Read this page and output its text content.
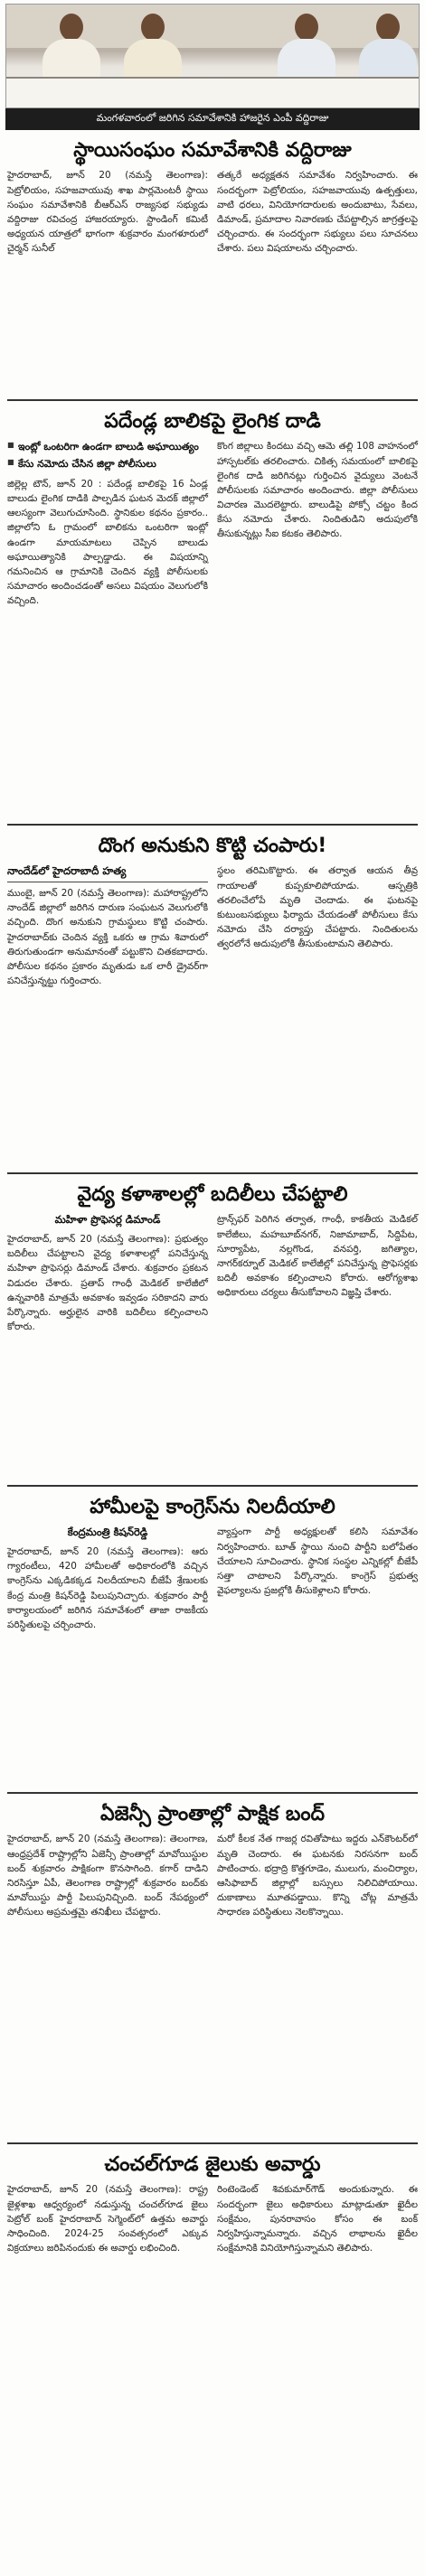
మంగళవారంలో జరిగిన సమావేశానికి హాజరైన ఎంపీ వద్దిరాజు
స్థాయిసంఘం సమావేశానికి వద్దిరాజు
హైదరాబాద్, జూన్ 20 (నమస్తే తెలంగాణ): పెట్రోలియం, సహజవాయువు శాఖ పార్లమెంటరీ స్థాయి సంఘం సమావేశానికి బీఆర్ఎస్ రాజ్యసభ సభ్యుడు వద్దిరాజు రవిచంద్ర హాజరయ్యారు. స్టాండింగ్ కమిటీ అధ్యయన యాత్రలో భాగంగా శుక్రవారం మంగళూరులో చైర్మన్ సునీల్
తత్కరే అధ్యక్షతన సమావేశం నిర్వహించారు. ఈ సందర్భంగా పెట్రోలియం, సహజవాయువు ఉత్పత్తులు, వాటి ధరలు, వినియోగదారులకు అందుబాటు, సేవలు, డిమాండ్, ప్రమాదాల నివారణకు చేపట్టాల్సిన జాగ్రత్తలపై చర్చించారు. ఈ సందర్భంగా సభ్యులు పలు సూచనలు చేశారు. పలు విషయాలను చర్చించారు.
పదేండ్ల బాలికపై లైంగిక దాడి
■ ఇంట్లో ఒంటరిగా ఉండగా బాలుడి అఘాయిత్యం
■ కేసు నమోదు చేసిన జిల్లా పోలీసులు
జిల్లెల్ల టౌన్, జూన్ 20 : పదేండ్ల బాలికపై 16 ఏండ్ల బాలుడు లైంగిక దాడికి పాల్పడిన ఘటన మెదక్ జిల్లాలో ఆలస్యంగా వెలుగుచూసింది. స్థానికుల కథనం ప్రకారం.. జిల్లాలోని ఓ గ్రామంలో బాలికను ఒంటరిగా ఇంట్లో ఉండగా మాయమాటలు చెప్పిన బాలుడు అఘాయిత్యానికి పాల్పడ్డాడు. ఈ విషయాన్ని గమనించిన ఆ గ్రామానికి చెందిన వ్యక్తి పోలీసులకు సమాచారం అందించడంతో అసలు విషయం వెలుగులోకి వచ్చింది.
కొంగ జిల్లాలు కిందటు వచ్చి ఆమె తల్లి 108 వాహనంలో హాస్పటల్‌కు తరలించారు. చికిత్స సమయంలో బాలికపై లైంగిక దాడి జరిగినట్లు గుర్తించిన వైద్యులు వెంటనే పోలీసులకు సమాచారం అందించారు. జిల్లా పోలీసులు విచారణ మొదలెట్టారు. బాలుడిపై పోక్సో చట్టం కింద కేసు నమోదు చేశారు. నిందితుడిని అదుపులోకి తీసుకున్నట్లు సీఐ కటకం తెలిపారు.
దొంగ అనుకుని కొట్టి చంపారు!
నాందేడ్‌లో హైదరాబాదీ హత్య
ముంబై, జూన్ 20 (నమస్తే తెలంగాణ): మహారాష్ట్రలోని నాందేడ్ జిల్లాలో జరిగిన దారుణ సంఘటన వెలుగులోకి వచ్చింది. దొంగ అనుకుని గ్రామస్థులు కొట్టి చంపారు. హైదరాబాద్‌కు చెందిన వ్యక్తి ఒకరు ఆ గ్రామ శివారులో తిరుగుతుండగా అనుమానంతో పట్టుకొని చితకబాదారు. పోలీసుల కథనం ప్రకారం మృతుడు ఒక లారీ డ్రైవర్‌గా పనిచేస్తున్నట్టు గుర్తించారు.
స్థలం తరిమికొట్టారు. ఈ తర్వాత ఆయన తీవ్ర గాయాలతో కుప్పకూలిపోయాడు. ఆస్పత్రికి తరలించేలోపే మృతి చెందాడు. ఈ ఘటనపై కుటుంబసభ్యులు ఫిర్యాదు చేయడంతో పోలీసులు కేసు నమోదు చేసి దర్యాప్తు చేపట్టారు. నిందితులను త్వరలోనే అదుపులోకి తీసుకుంటామని తెలిపారు.
వైద్య కళాశాలల్లో బదిలీలు చేపట్టాలి
మహిళా ప్రొఫెసర్ల డిమాండ్
హైదరాబాద్, జూన్ 20 (నమస్తే తెలంగాణ): ప్రభుత్వం బదిలీలు చేపట్టాలని వైద్య కళాశాలల్లో పనిచేస్తున్న మహిళా ప్రొఫెసర్లు డిమాండ్ చేశారు. శుక్రవారం ప్రకటన విడుదల చేశారు. ప్రతాప్ గాంధీ మెడికల్ కాలేజీలో ఉన్నవారికి మాత్రమే అవకాశం ఇవ్వడం సరికాదని వారు పేర్కొన్నారు. అర్హులైన వారికి బదిలీలు కల్పించాలని కోరారు.
ట్రాన్స్‌ఫర్ పెరిగిన తర్వాత, గాంధీ, కాకతీయ మెడికల్ కాలేజీలు, మహబూబ్‌నగర్, నిజామాబాద్, సిద్దిపేట, సూర్యాపేట, నల్లగొండ, వనపర్తి, జగిత్యాల, నాగర్‌కర్నూల్ మెడికల్ కాలేజీల్లో పనిచేస్తున్న ప్రొఫెసర్లకు బదిలీ అవకాశం కల్పించాలని కోరారు. ఆరోగ్యశాఖ అధికారులు చర్యలు తీసుకోవాలని విజ్ఞప్తి చేశారు.
హామీలపై కాంగ్రెస్‌ను నిలదీయాలి
కేంద్రమంత్రి కిషన్‌రెడ్డి
హైదరాబాద్, జూన్ 20 (నమస్తే తెలంగాణ): ఆరు గ్యారంటీలు, 420 హామీలతో అధికారంలోకి వచ్చిన కాంగ్రెస్‌ను ఎక్కడికక్కడ నిలదీయాలని బీజేపీ శ్రేణులకు కేంద్ర మంత్రి కిషన్‌రెడ్డి పిలుపునిచ్చారు. శుక్రవారం పార్టీ కార్యాలయంలో జరిగిన సమావేశంలో తాజా రాజకీయ పరిస్థితులపై చర్చించారు.
వ్యాప్తంగా పార్టీ అధ్యక్షులతో కలిసి సమావేశం నిర్వహించారు. బూత్ స్థాయి నుంచి పార్టీని బలోపేతం చేయాలని సూచించారు. స్థానిక సంస్థల ఎన్నికల్లో బీజేపీ సత్తా చాటాలని పేర్కొన్నారు. కాంగ్రెస్ ప్రభుత్వ వైఫల్యాలను ప్రజల్లోకి తీసుకెళ్లాలని కోరారు.
ఏజెన్సీ ప్రాంతాల్లో పాక్షిక బంద్
హైదరాబాద్, జూన్ 20 (నమస్తే తెలంగాణ): తెలంగాణ, ఆంధ్రప్రదేశ్ రాష్ట్రాల్లోని ఏజెన్సీ ప్రాంతాల్లో మావోయిస్టుల బంద్ శుక్రవారం పాక్షికంగా కొనసాగింది. కగార్ దాడిని నిరసిస్తూ ఏపీ, తెలంగాణ రాష్ట్రాల్లో శుక్రవారం బంద్‌కు మావోయిస్టు పార్టీ పిలుపునిచ్చింది. బంద్ నేపథ్యంలో పోలీసులు అప్రమత్తమై తనిఖీలు చేపట్టారు.
మరో కీలక నేత గాజర్ల రవితోపాటు ఇద్దరు ఎన్‌కౌంటర్‌లో మృతి చెందారు. ఈ ఘటనకు నిరసనగా బంద్ పాటించారు. భద్రాద్రి కొత్తగూడెం, ములుగు, మంచిర్యాల, ఆసిఫాబాద్ జిల్లాల్లో బస్సులు నిలిచిపోయాయి. దుకాణాలు మూతపడ్డాయి. కొన్ని చోట్ల మాత్రమే సాధారణ పరిస్థితులు నెలకొన్నాయి.
చంచల్‌గూడ జైలుకు అవార్డు
హైదరాబాద్, జూన్ 20 (నమస్తే తెలంగాణ): రాష్ట్ర జైళ్లశాఖ ఆధ్వర్యంలో నడుస్తున్న చంచల్‌గూడ జైలు పెట్రోల్ బంక్ హైదరాబాద్ సెగ్మెంట్‌లో ఉత్తమ అవార్డు సాధించింది. 2024-25 సంవత్సరంలో ఎక్కువ విక్రయాలు జరిపినందుకు ఈ అవార్డు లభించింది.
రింటెండెంట్ శివకుమార్‌గౌడ్ అందుకున్నారు. ఈ సందర్భంగా జైలు అధికారులు మాట్లాడుతూ ఖైదీల సంక్షేమం, పునరావాసం కోసం ఈ బంక్ నిర్వహిస్తున్నామన్నారు. వచ్చిన లాభాలను ఖైదీల సంక్షేమానికి వినియోగిస్తున్నామని తెలిపారు.
